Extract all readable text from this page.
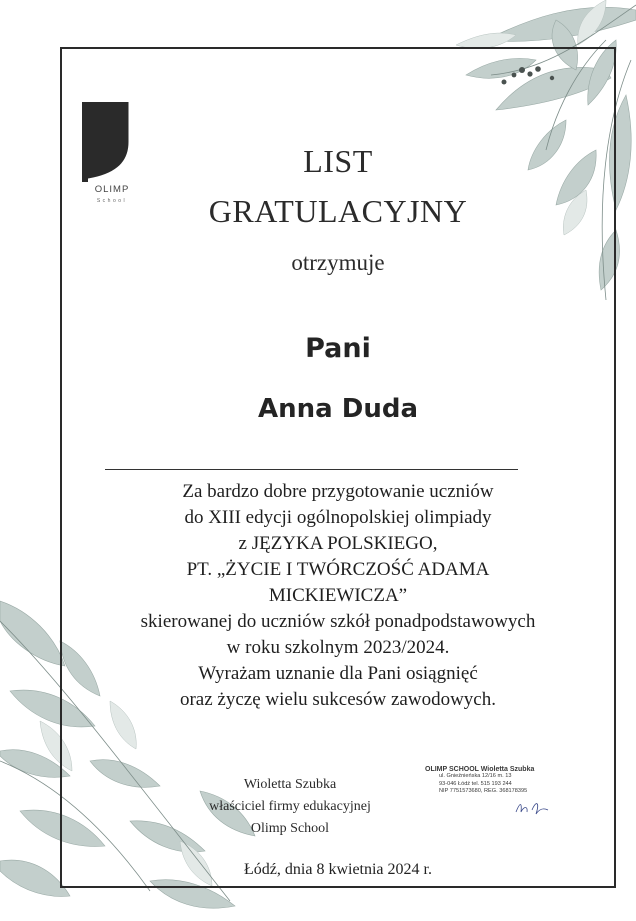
OLIMP
School
LIST
GRATULACYJNY
otrzymuje
Pani
Anna Duda
Za bardzo dobre przygotowanie uczniów
do XIII edycji ogólnopolskiej olimpiady
z JĘZYKA POLSKIEGO,
PT. „ŻYCIE I TWÓRCZOŚĆ ADAMA
MICKIEWICZA”
skierowanej do uczniów szkół ponadpodstawowych
w roku szkolnym 2023/2024.
Wyrażam uznanie dla Pani osiągnięć
oraz życzę wielu sukcesów zawodowych.
Wioletta Szubka
właściciel firmy edukacyjnej
Olimp School
OLIMP SCHOOL Wioletta Szubka
ul. Gnieźnieńska 12/16 m. 13
93-046 Łódź tel. 515 193 244
NIP 7751573680, REG. 368178395
Łódź, dnia 8 kwietnia 2024 r.
